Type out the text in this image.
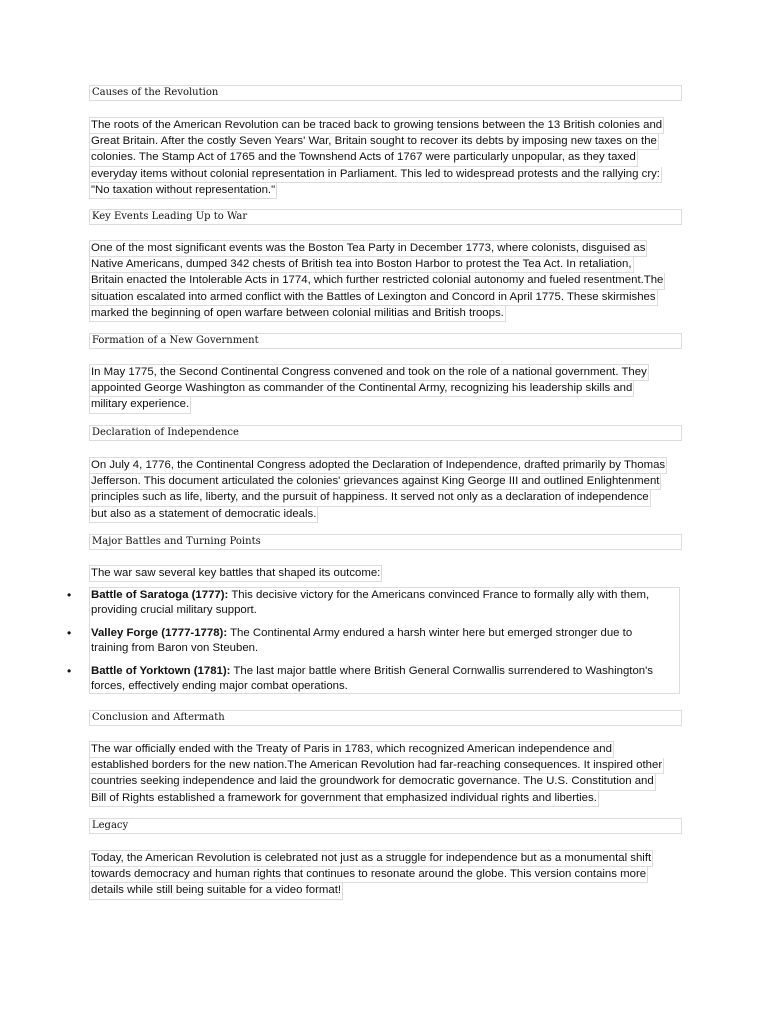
Causes of the Revolution
The roots of the American Revolution can be traced back to growing tensions between the 13 British colonies and
Great Britain. After the costly Seven Years' War, Britain sought to recover its debts by imposing new taxes on the
colonies. The Stamp Act of 1765 and the Townshend Acts of 1767 were particularly unpopular, as they taxed
everyday items without colonial representation in Parliament. This led to widespread protests and the rallying cry:
"No taxation without representation."
Key Events Leading Up to War
One of the most significant events was the Boston Tea Party in December 1773, where colonists, disguised as
Native Americans, dumped 342 chests of British tea into Boston Harbor to protest the Tea Act. In retaliation,
Britain enacted the Intolerable Acts in 1774, which further restricted colonial autonomy and fueled resentment.The
situation escalated into armed conflict with the Battles of Lexington and Concord in April 1775. These skirmishes
marked the beginning of open warfare between colonial militias and British troops.
Formation of a New Government
In May 1775, the Second Continental Congress convened and took on the role of a national government. They
appointed George Washington as commander of the Continental Army, recognizing his leadership skills and
military experience.
Declaration of Independence
On July 4, 1776, the Continental Congress adopted the Declaration of Independence, drafted primarily by Thomas
Jefferson. This document articulated the colonies' grievances against King George III and outlined Enlightenment
principles such as life, liberty, and the pursuit of happiness. It served not only as a declaration of independence
but also as a statement of democratic ideals.
Major Battles and Turning Points
The war saw several key battles that shaped its outcome:
• Battle of Saratoga (1777): This decisive victory for the Americans convinced France to formally ally with them,
providing crucial military support.
• Valley Forge (1777-1778): The Continental Army endured a harsh winter here but emerged stronger due to
training from Baron von Steuben.
• Battle of Yorktown (1781): The last major battle where British General Cornwallis surrendered to Washington's
forces, effectively ending major combat operations.
Conclusion and Aftermath
The war officially ended with the Treaty of Paris in 1783, which recognized American independence and
established borders for the new nation.The American Revolution had far-reaching consequences. It inspired other
countries seeking independence and laid the groundwork for democratic governance. The U.S. Constitution and
Bill of Rights established a framework for government that emphasized individual rights and liberties.
Legacy
Today, the American Revolution is celebrated not just as a struggle for independence but as a monumental shift
towards democracy and human rights that continues to resonate around the globe. This version contains more
details while still being suitable for a video format!
